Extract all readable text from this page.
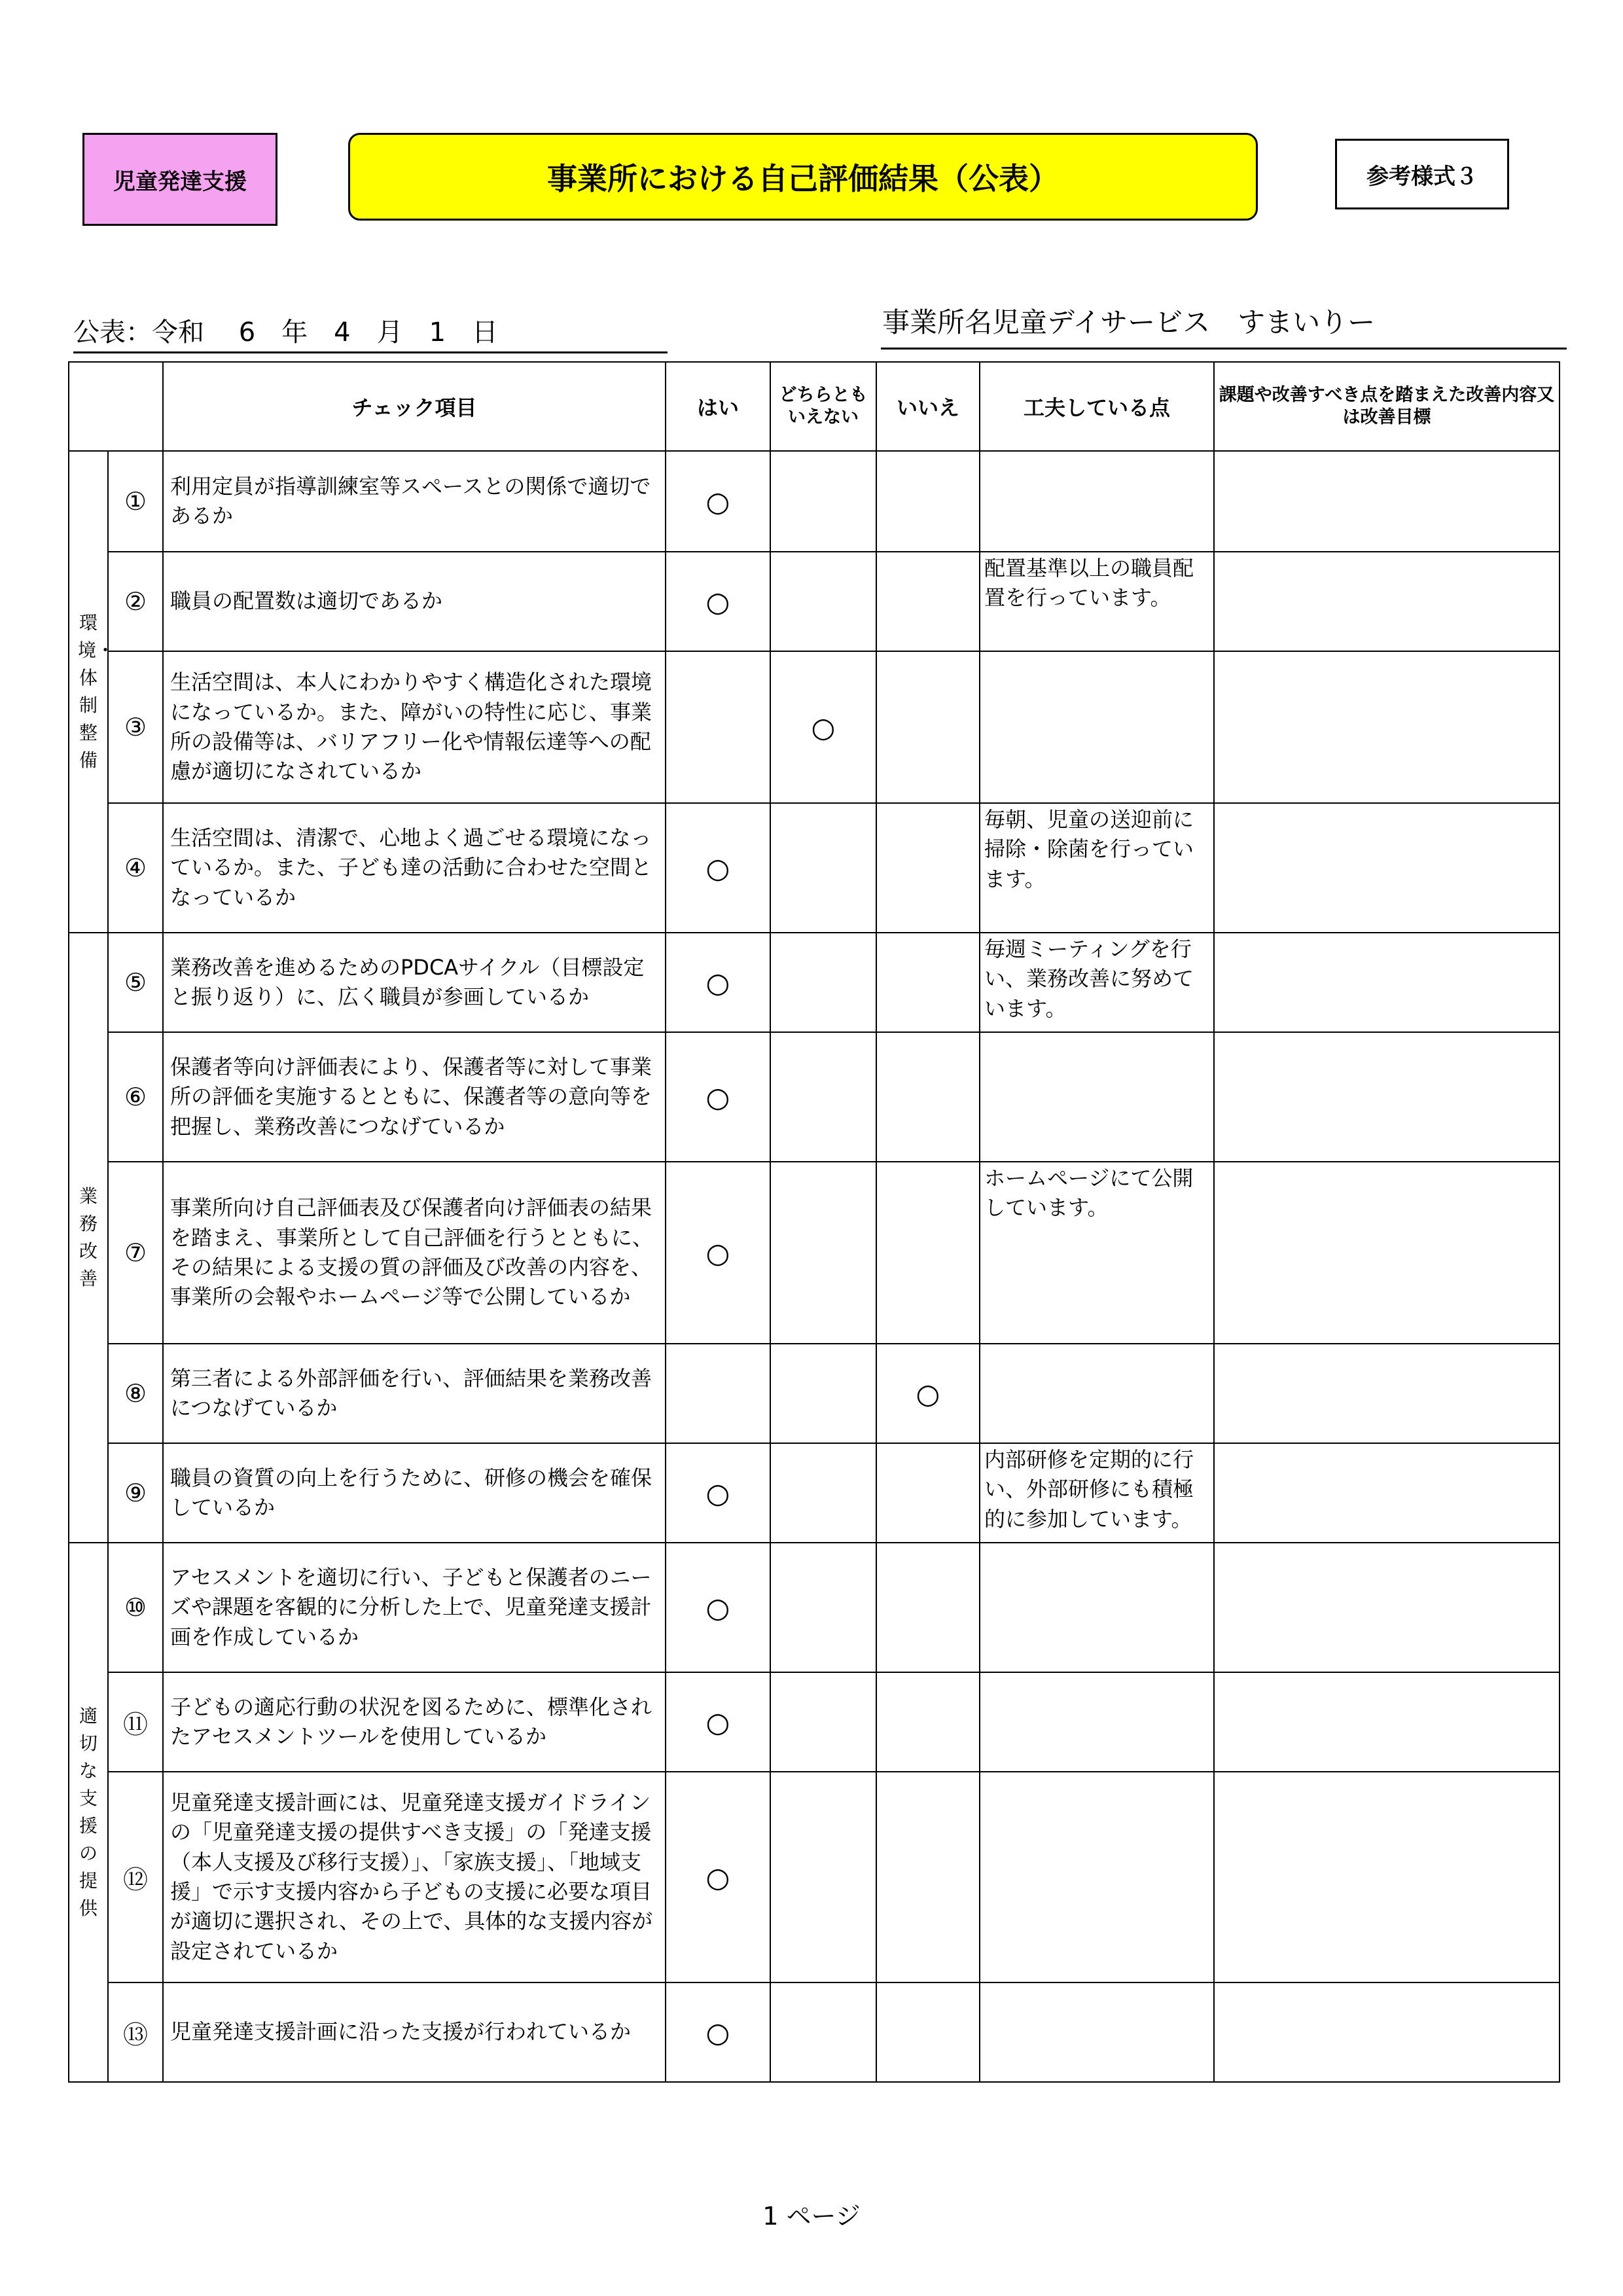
児童発達支援	事業所における自己評価結果（公表）	参考様式３
公表：令和　 6　年　4　月　1　日	事業所名 児童デイサービス　すまいりー
		チェック項目	はい	どちらとも いえない	いいえ	工夫している点	課題や改善すべき点を踏まえた改善内容又は改善目標
環境・体制整備	①	利用定員が指導訓練室等スペースとの関係で適切であるか	○				
	②	職員の配置数は適切であるか	○			配置基準以上の職員配置を行っています。	
	③	生活空間は、本人にわかりやすく構造化された環境になっているか。また、障がいの特性に応じ、事業所の設備等は、バリアフリー化や情報伝達等への配慮が適切になされているか		○			
	④	生活空間は、清潔で、心地よく過ごせる環境になっているか。また、子ども達の活動に合わせた空間となっているか	○			毎朝、児童の送迎前に掃除・除菌を行っています。	
業務改善	⑤	業務改善を進めるためのPDCAサイクル（目標設定と振り返り）に、広く職員が参画しているか	○			毎週ミーティングを行い、業務改善に努めています。	
	⑥	保護者等向け評価表により、保護者等に対して事業所の評価を実施するとともに、保護者等の意向等を把握し、業務改善につなげているか	○				
	⑦	事業所向け自己評価表及び保護者向け評価表の結果を踏まえ、事業所として自己評価を行うとともに、その結果による支援の質の評価及び改善の内容を、事業所の会報やホームページ等で公開しているか	○			ホームページにて公開しています。	
	⑧	第三者による外部評価を行い、評価結果を業務改善につなげているか			○		
	⑨	職員の資質の向上を行うために、研修の機会を確保しているか	○			内部研修を定期的に行い、外部研修にも積極的に参加しています。	
適切な支援の提供	⑩	アセスメントを適切に行い、子どもと保護者のニーズや課題を客観的に分析した上で、児童発達支援計画を作成しているか	○				
	⑪	子どもの適応行動の状況を図るために、標準化されたアセスメントツールを使用しているか	○				
	⑫	児童発達支援計画には、児童発達支援ガイドラインの「児童発達支援の提供すべき支援」の「発達支援（本人支援及び移行支援）」、「家族支援」、「地域支援」で示す支援内容から子どもの支援に必要な項目が適切に選択され、その上で、具体的な支援内容が設定されているか	○				
	⑬	児童発達支援計画に沿った支援が行われているか	○				
1 ページ
